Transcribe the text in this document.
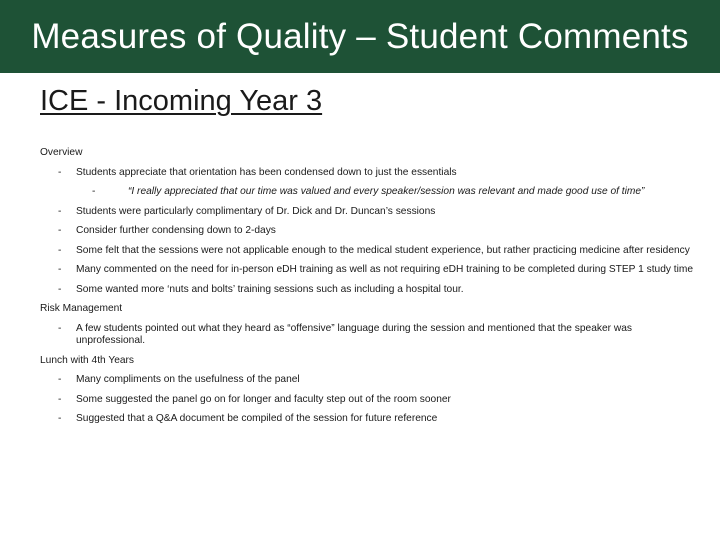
Measures of Quality – Student Comments
ICE - Incoming Year 3
Overview
- Students appreciate that orientation has been condensed down to just the essentials
-	“I really appreciated that our time was valued and every speaker/session was relevant and made good use of time”
- Students were particularly complimentary of Dr. Dick and Dr. Duncan’s sessions
- Consider further condensing down to 2-days
- Some felt that the sessions were not applicable enough to the medical student experience, but rather practicing medicine after residency
- Many commented on the need for in-person eDH training as well as not requiring eDH training to be completed during STEP 1 study time
- Some wanted more ‘nuts and bolts’ training sessions such as including a hospital tour.
Risk Management
- A few students pointed out what they heard as “offensive” language during the session and mentioned that the speaker was unprofessional.
Lunch with 4th Years
- Many compliments on the usefulness of the panel
- Some suggested the panel go on for longer and faculty step out of the room sooner
- Suggested that a Q&A document be compiled of the session for future reference
